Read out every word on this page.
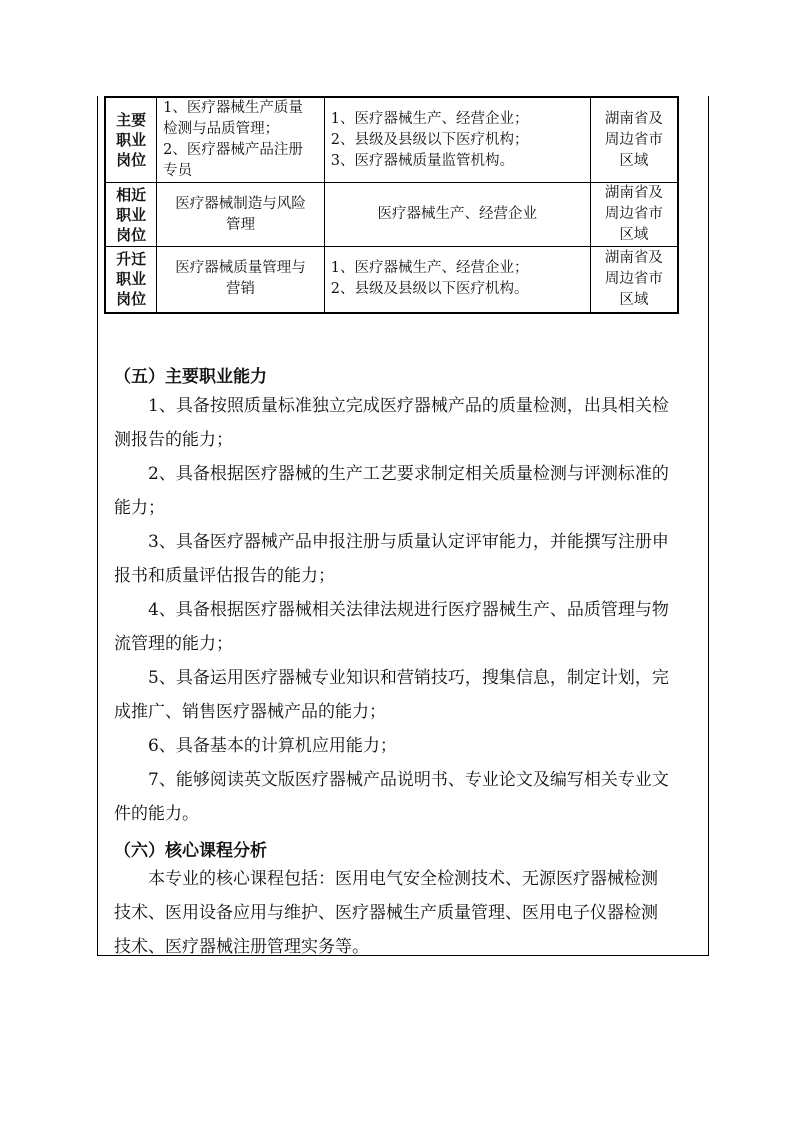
主要
职业
岗位	1、医疗器械生产质量
检测与品质管理；
2、医疗器械产品注册
专员	1、医疗器械生产、经营企业；
2、县级及县级以下医疗机构；
3、医疗器械质量监管机构。	湖南省及
周边省市
区域

相近
职业
岗位	医疗器械制造与风险
管理	医疗器械生产、经营企业	湖南省及
周边省市
区域

升迁
职业
岗位	医疗器械质量管理与
营销	1、医疗器械生产、经营企业；
2、县级及县级以下医疗机构。	湖南省及
周边省市
区域
（五）主要职业能力
1、具备按照质量标准独立完成医疗器械产品的质量检测，出具相关检
测报告的能力；
2、具备根据医疗器械的生产工艺要求制定相关质量检测与评测标准的
能力；
3、具备医疗器械产品申报注册与质量认定评审能力，并能撰写注册申
报书和质量评估报告的能力；
4、具备根据医疗器械相关法律法规进行医疗器械生产、品质管理与物
流管理的能力；
5、具备运用医疗器械专业知识和营销技巧，搜集信息，制定计划，完
成推广、销售医疗器械产品的能力；
6、具备基本的计算机应用能力；
7、能够阅读英文版医疗器械产品说明书、专业论文及编写相关专业文
件的能力。
（六）核心课程分析
本专业的核心课程包括：医用电气安全检测技术、无源医疗器械检测
技术、医用设备应用与维护、医疗器械生产质量管理、医用电子仪器检测
技术、医疗器械注册管理实务等。
